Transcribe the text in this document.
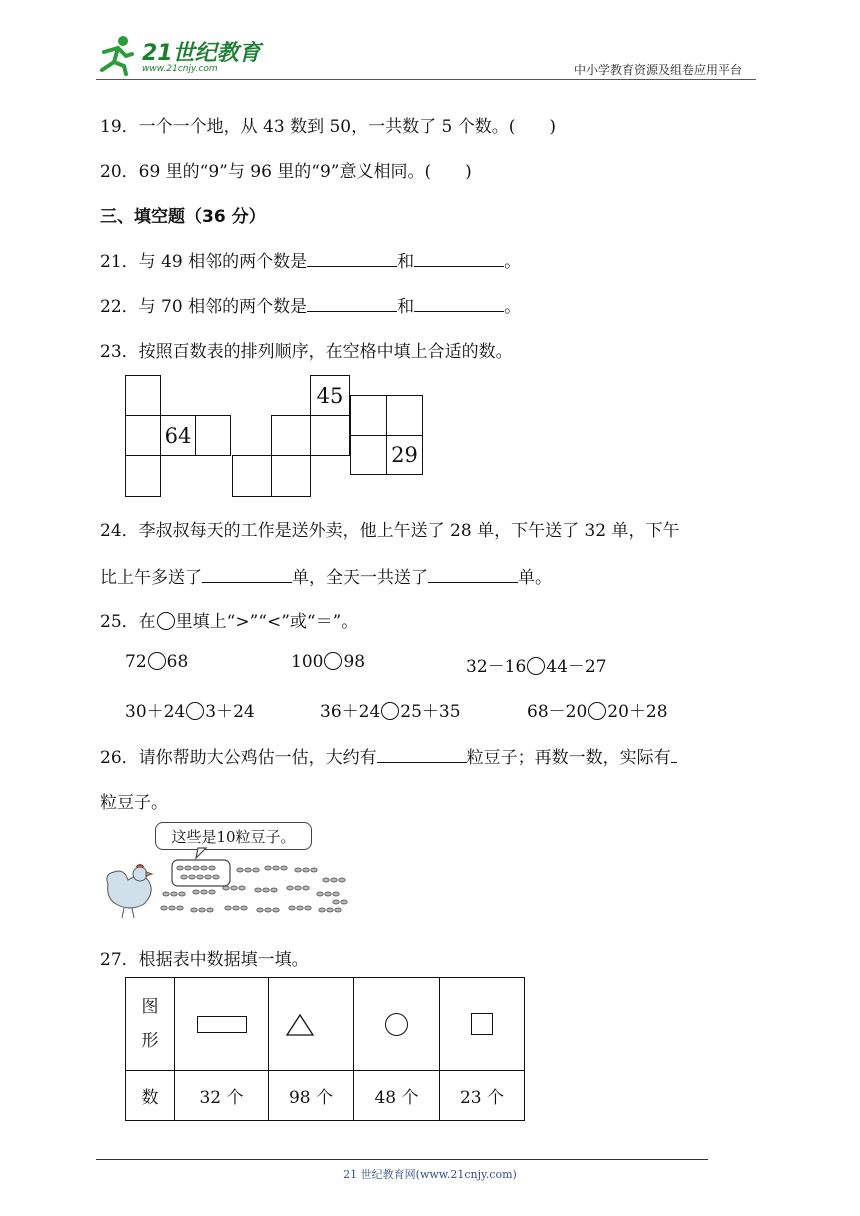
21世纪教育
www.21cnjy.com	中小学教育资源及组卷应用平台
19．一个一个地，从 43 数到 50，一共数了 5 个数。(　　)
20．69 里的“9”与 96 里的“9”意义相同。(　　)
三、填空题（36 分）
21．与 49 相邻的两个数是	和	。
22．与 70 相邻的两个数是	和	。
23．按照百数表的排列顺序，在空格中填上合适的数。
64
45
29
24．李叔叔每天的工作是送外卖，他上午送了 28 单，下午送了 32 单，下午
比上午多送了	单，全天一共送了	单。
25．在 里填上“>”“<”或“＝”。
72 68	100 98	32－16 44－27
30＋24 3＋24	36＋24 25＋35	68－20 20＋28
26．请你帮助大公鸡估一估，大约有	粒豆子；再数一数，实际有
粒豆子。
这些是10粒豆子。
27．根据表中数据填一填。
图形	

数	32 个	98 个	48 个	23 个
21 世纪教育网(www.21cnjy.com)
